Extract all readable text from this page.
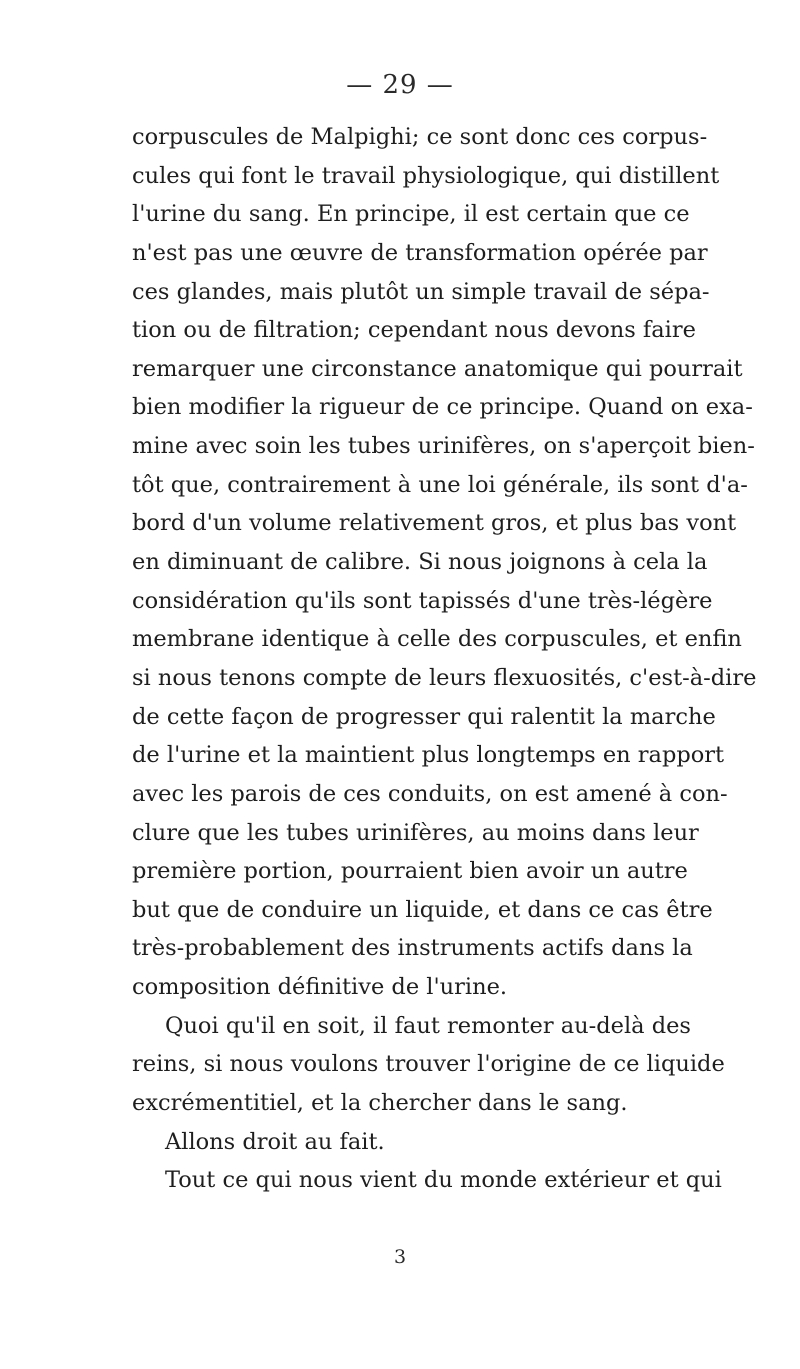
— 29 —
corpuscules de Malpighi; ce sont donc ces corpus-
cules qui font le travail physiologique, qui distillent
l'urine du sang. En principe, il est certain que ce
n'est pas une œuvre de transformation opérée par
ces glandes, mais plutôt un simple travail de sépa-
tion ou de filtration; cependant nous devons faire
remarquer une circonstance anatomique qui pourrait
bien modifier la rigueur de ce principe. Quand on exa-
mine avec soin les tubes urinifères, on s'aperçoit bien-
tôt que, contrairement à une loi générale, ils sont d'a-
bord d'un volume relativement gros, et plus bas vont
en diminuant de calibre. Si nous joignons à cela la
considération qu'ils sont tapissés d'une très-légère
membrane identique à celle des corpuscules, et enfin
si nous tenons compte de leurs flexuosités, c'est-à-dire
de cette façon de progresser qui ralentit la marche
de l'urine et la maintient plus longtemps en rapport
avec les parois de ces conduits, on est amené à con-
clure que les tubes urinifères, au moins dans leur
première portion, pourraient bien avoir un autre
but que de conduire un liquide, et dans ce cas être
très-probablement des instruments actifs dans la
composition définitive de l'urine.
Quoi qu'il en soit, il faut remonter au-delà des
reins, si nous voulons trouver l'origine de ce liquide
excrémentitiel, et la chercher dans le sang.
Allons droit au fait.
Tout ce qui nous vient du monde extérieur et qui
3
